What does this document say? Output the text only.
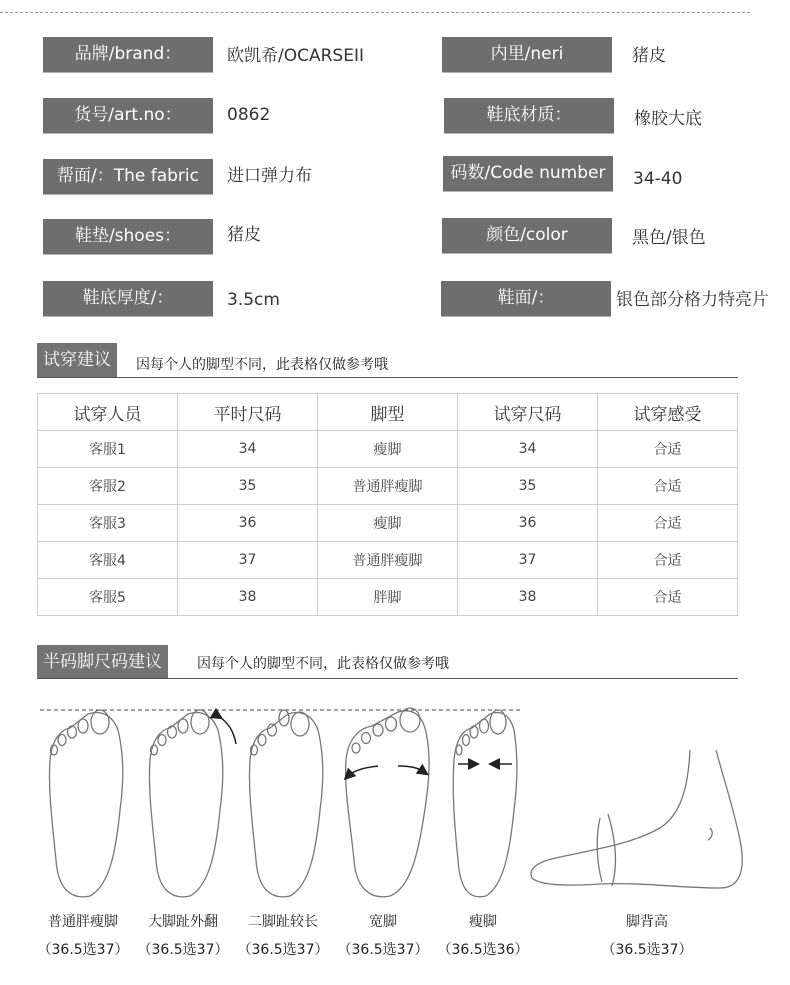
品牌/brand：	欧凯希/OCARSEII	内里/neri	猪皮
货号/art.no：	0862	鞋底材质：	橡胶大底
帮面/：The fabric	进口弹力布	码数/Code number	34-40
鞋垫/shoes：	猪皮	颜色/color	黑色/银色
鞋底厚度/：	3.5cm	鞋面/：	银色部分格力特亮片
试穿建议	因每个人的脚型不同，此表格仅做参考哦
试穿人员	平时尺码	脚型	试穿尺码	试穿感受
客服1	34	瘦脚	34	合适
客服2	35	普通胖瘦脚	35	合适
客服3	36	瘦脚	36	合适
客服4	37	普通胖瘦脚	37	合适
客服5	38	胖脚	38	合适
半码脚尺码建议	因每个人的脚型不同，此表格仅做参考哦
普通胖瘦脚
（36.5选37）
大脚趾外翻
（36.5选37）
二脚趾较长
（36.5选37）
宽脚
（36.5选37）
瘦脚
（36.5选36）
脚背高
（36.5选37）
